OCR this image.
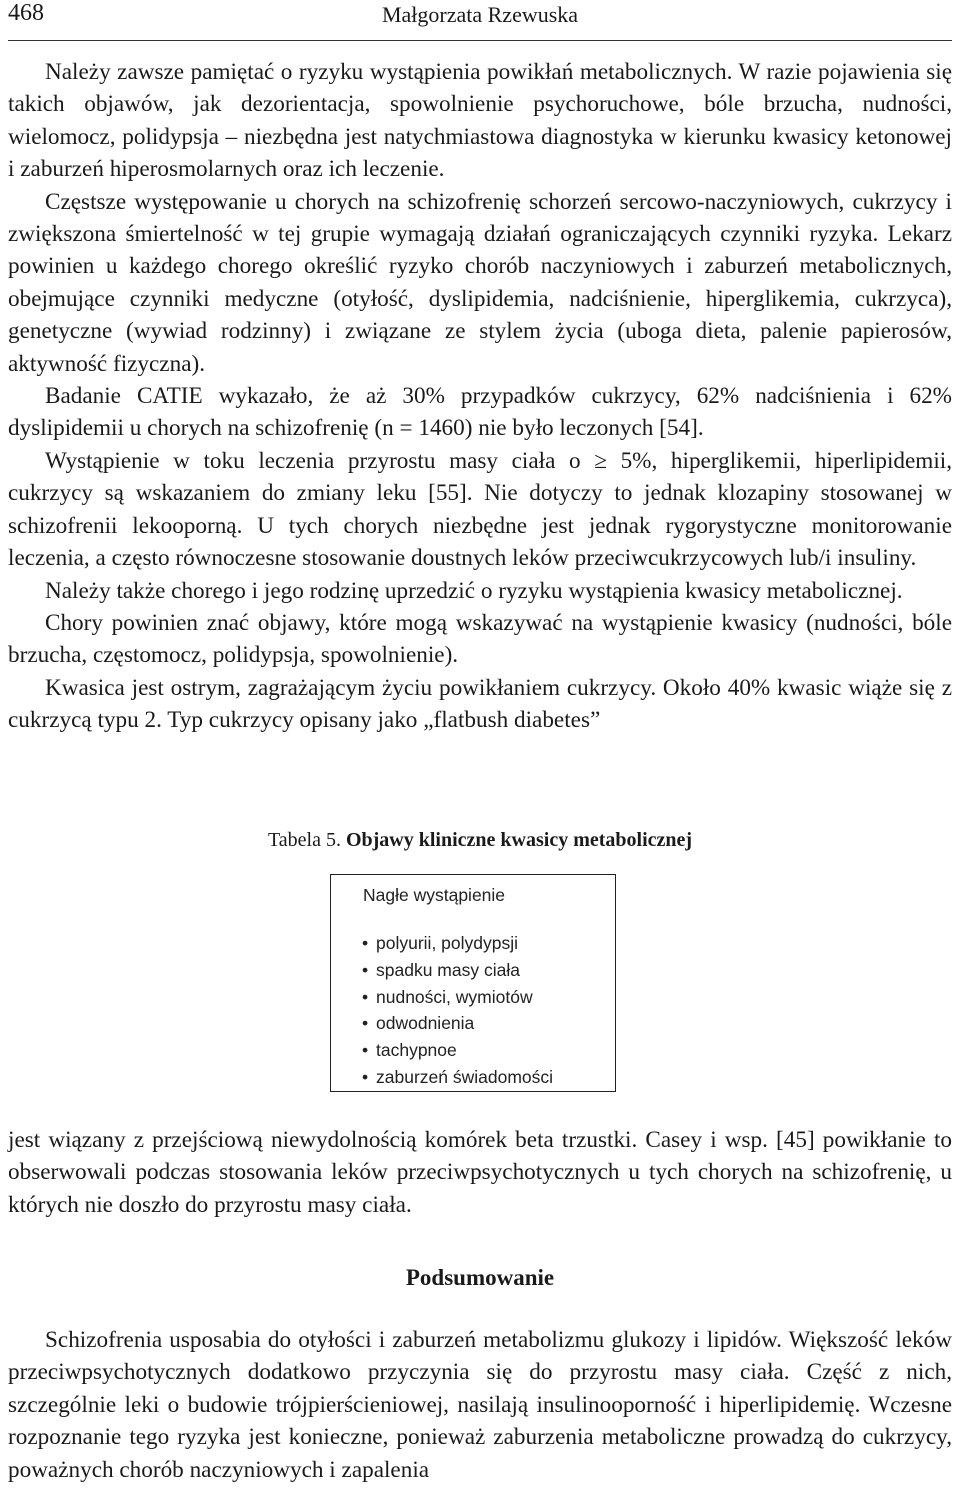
468	Małgorzata Rzewuska

Należy zawsze pamiętać o ryzyku wystąpienia powikłań metabolicznych. W razie pojawienia się takich objawów, jak dezorientacja, spowolnienie psychoruchowe, bóle brzucha, nudności, wielomocz, polidypsja – niezbędna jest natychmiastowa diagnostyka w kierunku kwasicy ketonowej i zaburzeń hiperosmolarnych oraz ich leczenie.

Częstsze występowanie u chorych na schizofrenię schorzeń sercowo-naczyniowych, cukrzycy i zwiększona śmiertelność w tej grupie wymagają działań ograniczających czynniki ryzyka. Lekarz powinien u każdego chorego określić ryzyko chorób naczyniowych i zaburzeń metabolicznych, obejmujące czynniki medyczne (otyłość, dyslipidemia, nadciśnienie, hiperglikemia, cukrzyca), genetyczne (wywiad rodzinny) i związane ze stylem życia (uboga dieta, palenie papierosów, aktywność fizyczna).

Badanie CATIE wykazało, że aż 30% przypadków cukrzycy, 62% nadciśnienia i 62% dyslipidemii u chorych na schizofrenię (n = 1460) nie było leczonych [54].

Wystąpienie w toku leczenia przyrostu masy ciała o ≥ 5%, hiperglikemii, hiperlipidemii, cukrzycy są wskazaniem do zmiany leku [55]. Nie dotyczy to jednak klozapiny stosowanej w schizofrenii lekooporną. U tych chorych niezbędne jest jednak rygorystyczne monitorowanie leczenia, a często równoczesne stosowanie doustnych leków przeciwcukrzycowych lub/i insuliny.

Należy także chorego i jego rodzinę uprzedzić o ryzyku wystąpienia kwasicy metabolicznej.

Chory powinien znać objawy, które mogą wskazywać na wystąpienie kwasicy (nudności, bóle brzucha, częstomocz, polidypsja, spowolnienie).

Kwasica jest ostrym, zagrażającym życiu powikłaniem cukrzycy. Około 40% kwasic wiąże się z cukrzycą typu 2. Typ cukrzycy opisany jako „flatbush diabetes”

Tabela 5. Objawy kliniczne kwasicy metabolicznej
Nagłe wystąpienie
• polyurii, polydypsji
• spadku masy ciała
• nudności, wymiotów
• odwodnienia
• tachypnoe
• zaburzeń świadomości

jest wiązany z przejściową niewydolnością komórek beta trzustki. Casey i wsp. [45] powikłanie to obserwowali podczas stosowania leków przeciwpsychotycznych u tych chorych na schizofrenię, u których nie doszło do przyrostu masy ciała.

Podsumowanie

Schizofrenia usposabia do otyłości i zaburzeń metabolizmu glukozy i lipidów. Większość leków przeciwpsychotycznych dodatkowo przyczynia się do przyrostu masy ciała. Część z nich, szczególnie leki o budowie trójpierścieniowej, nasilają insulinooporność i hiperlipidemię. Wczesne rozpoznanie tego ryzyka jest konieczne, ponieważ zaburzenia metaboliczne prowadzą do cukrzycy, poważnych chorób naczyniowych i zapalenia
